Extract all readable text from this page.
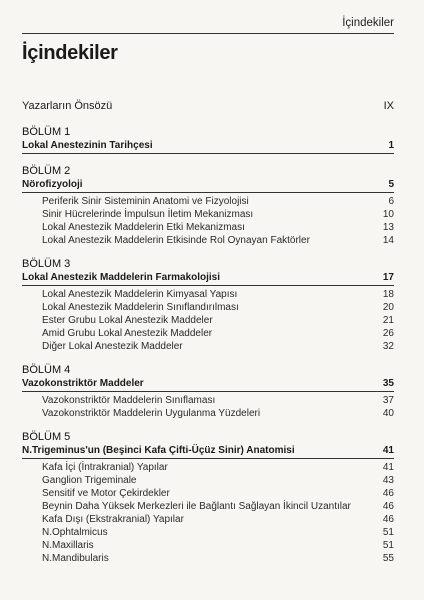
İçindekiler
İçindekiler
Yazarların Önsözü	IX
BÖLÜM 1
Lokal Anestezinin Tarihçesi	1
BÖLÜM 2
Nörofizyoloji	5
Periferik Sinir Sisteminin Anatomi ve Fizyolojisi	6
Sinir Hücrelerinde İmpulsun İletim Mekanizması	10
Lokal Anestezik Maddelerin Etki Mekanizması	13
Lokal Anestezik Maddelerin Etkisinde Rol Oynayan Faktörler	14
BÖLÜM 3
Lokal Anestezik Maddelerin Farmakolojisi	17
Lokal Anestezik Maddelerin Kimyasal Yapısı	18
Lokal Anestezik Maddelerin Sınıflandırılması	20
Ester Grubu Lokal Anestezik Maddeler	21
Amid Grubu Lokal Anestezik Maddeler	26
Diğer Lokal Anestezik Maddeler	32
BÖLÜM 4
Vazokonstriktör Maddeler	35
Vazokonstriktör Maddelerin Sınıflaması	37
Vazokonstriktör Maddelerin Uygulanma Yüzdeleri	40
BÖLÜM 5
N.Trigeminus'un (Beşinci Kafa Çifti-Üçüz Sinir) Anatomisi	41
Kafa İçi (İntrakranial) Yapılar	41
Ganglion Trigeminale	43
Sensitif ve Motor Çekirdekler	46
Beynin Daha Yüksek Merkezleri ile Bağlantı Sağlayan İkincil Uzantılar	46
Kafa Dışı (Ekstrakranial) Yapılar	46
N.Ophtalmicus	51
N.Maxillaris	51
N.Mandibularis	55
